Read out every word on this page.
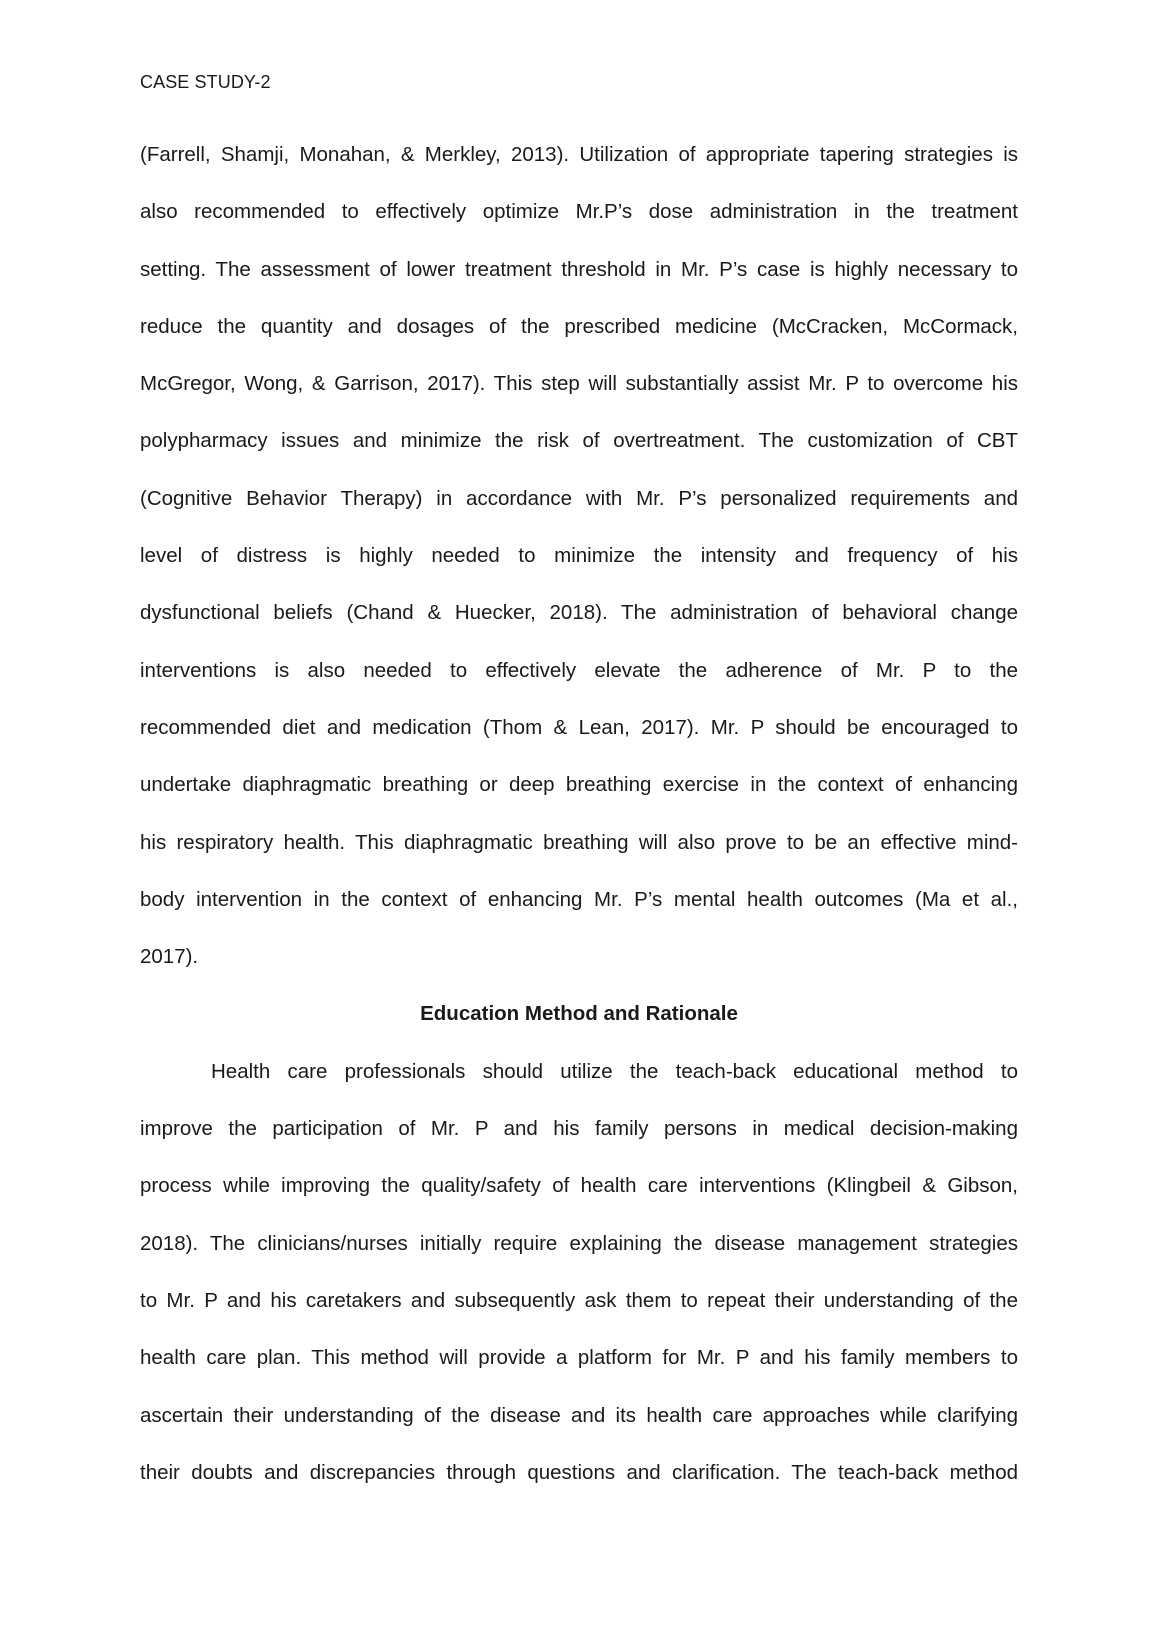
CASE STUDY-2
(Farrell, Shamji, Monahan, & Merkley, 2013). Utilization of appropriate tapering strategies is
also recommended to effectively optimize Mr.P’s dose administration in the treatment
setting. The assessment of lower treatment threshold in Mr. P’s case is highly necessary to
reduce the quantity and dosages of the prescribed medicine (McCracken, McCormack,
McGregor, Wong, & Garrison, 2017). This step will substantially assist Mr. P to overcome his
polypharmacy issues and minimize the risk of overtreatment. The customization of CBT
(Cognitive Behavior Therapy) in accordance with Mr. P’s personalized requirements and
level of distress is highly needed to minimize the intensity and frequency of his
dysfunctional beliefs (Chand & Huecker, 2018). The administration of behavioral change
interventions is also needed to effectively elevate the adherence of Mr. P to the
recommended diet and medication (Thom & Lean, 2017). Mr. P should be encouraged to
undertake diaphragmatic breathing or deep breathing exercise in the context of enhancing
his respiratory health. This diaphragmatic breathing will also prove to be an effective mind-
body intervention in the context of enhancing Mr. P’s mental health outcomes (Ma et al.,
2017).
Education Method and Rationale
Health care professionals should utilize the teach-back educational method to
improve the participation of Mr. P and his family persons in medical decision-making
process while improving the quality/safety of health care interventions (Klingbeil & Gibson,
2018). The clinicians/nurses initially require explaining the disease management strategies
to Mr. P and his caretakers and subsequently ask them to repeat their understanding of the
health care plan. This method will provide a platform for Mr. P and his family members to
ascertain their understanding of the disease and its health care approaches while clarifying
their doubts and discrepancies through questions and clarification. The teach-back method
